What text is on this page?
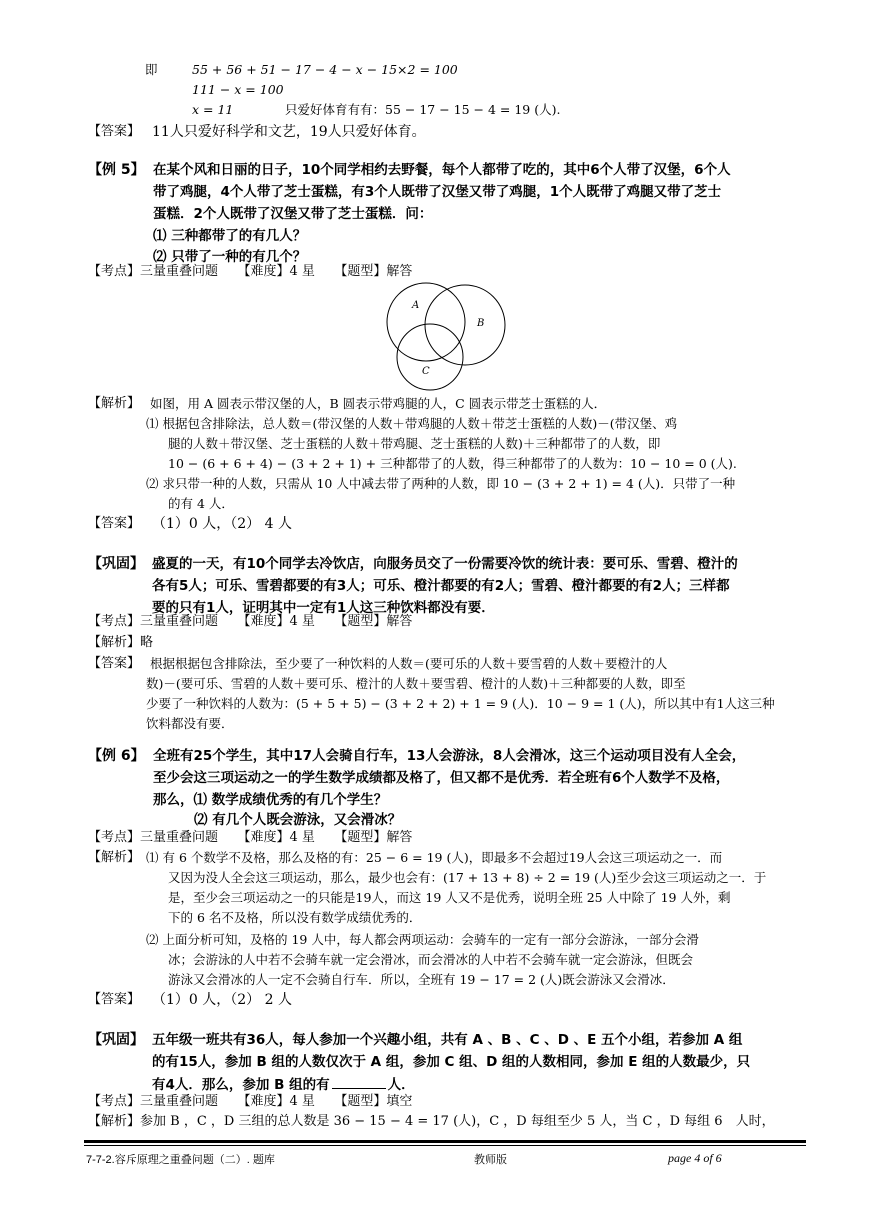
即	55 + 56 + 51 − 17 − 4 − x − 15×2 = 100
111 − x = 100
x = 11	只爱好体育有有：55 − 17 − 15 − 4 = 19 (人).
【答案】 11人只爱好科学和文艺，19人只爱好体育。
【例 5】 在某个风和日丽的日子，10个同学相约去野餐，每个人都带了吃的，其中6个人带了汉堡，6个人
带了鸡腿，4个人带了芝士蛋糕，有3个人既带了汉堡又带了鸡腿，1个人既带了鸡腿又带了芝士
蛋糕．2个人既带了汉堡又带了芝士蛋糕．问：
⑴ 三种都带了的有几人？
⑵ 只带了一种的有几个？
【考点】三量重叠问题　　【难度】4 星　　【题型】解答
A
B
C
【解析】 如图，用 A 圆表示带汉堡的人，B 圆表示带鸡腿的人，C 圆表示带芝士蛋糕的人．
⑴ 根据包含排除法，总人数＝(带汉堡的人数＋带鸡腿的人数＋带芝士蛋糕的人数)－(带汉堡、鸡
腿的人数＋带汉堡、芝士蛋糕的人数＋带鸡腿、芝士蛋糕的人数)＋三种都带了的人数，即
10 − (6 + 6 + 4) − (3 + 2 + 1) + 三种都带了的人数，得三种都带了的人数为：10 − 10 = 0 (人).
⑵ 求只带一种的人数，只需从 10 人中减去带了两种的人数，即 10 − (3 + 2 + 1) = 4 (人)．只带了一种
的有 4 人．
【答案】 （1）0 人，（2） 4 人
【巩固】 盛夏的一天，有10个同学去冷饮店，向服务员交了一份需要冷饮的统计表：要可乐、雪碧、橙汁的
各有5人；可乐、雪碧都要的有3人；可乐、橙汁都要的有2人；雪碧、橙汁都要的有2人；三样都
要的只有1人，证明其中一定有1人这三种饮料都没有要．
【考点】三量重叠问题　　【难度】4 星　　【题型】解答
【解析】略
【答案】 根据根据包含排除法，至少要了一种饮料的人数＝(要可乐的人数＋要雪碧的人数＋要橙汁的人
数)－(要可乐、雪碧的人数＋要可乐、橙汁的人数＋要雪碧、橙汁的人数)＋三种都要的人数，即至
少要了一种饮料的人数为：(5 + 5 + 5) − (3 + 2 + 2) + 1 = 9 (人)．10 − 9 = 1 (人)，所以其中有1人这三种
饮料都没有要．
【例 6】 全班有25个学生，其中17人会骑自行车，13人会游泳，8人会滑冰，这三个运动项目没有人全会，
至少会这三项运动之一的学生数学成绩都及格了，但又都不是优秀．若全班有6个人数学不及格，
那么，⑴ 数学成绩优秀的有几个学生？
⑵ 有几个人既会游泳，又会滑冰？
【考点】三量重叠问题　　【难度】4 星　　【题型】解答
【解析】 ⑴ 有 6 个数学不及格，那么及格的有：25 − 6 = 19 (人)，即最多不会超过19人会这三项运动之一．而
又因为没人全会这三项运动，那么，最少也会有：(17 + 13 + 8) ÷ 2 = 19 (人)至少会这三项运动之一．于
是，至少会三项运动之一的只能是19人，而这 19 人又不是优秀，说明全班 25 人中除了 19 人外，剩
下的 6 名不及格，所以没有数学成绩优秀的．
⑵ 上面分析可知，及格的 19 人中，每人都会两项运动：会骑车的一定有一部分会游泳，一部分会滑
冰；会游泳的人中若不会骑车就一定会滑冰，而会滑冰的人中若不会骑车就一定会游泳，但既会
游泳又会滑冰的人一定不会骑自行车．所以，全班有 19 − 17 = 2 (人)既会游泳又会滑冰．
【答案】 （1）0 人，（2） 2 人
【巩固】 五年级一班共有36人，每人参加一个兴趣小组，共有 A 、B 、C 、D 、E 五个小组，若参加 A 组
的有15人，参加 B 组的人数仅次于 A 组，参加 C 组、D 组的人数相同，参加 E 组的人数最少，只
有4人．那么，参加 B 组的有	人．
【考点】三量重叠问题　　【难度】4 星　　【题型】填空
【解析】参加 B ，C ，D 三组的总人数是 36 − 15 − 4 = 17 (人)，C ，D 每组至少 5 人，当 C ，D 每组 6　人时，
7-7-2.容斥原理之重叠问题（二）. 题库	教师版	page 4 of 6
